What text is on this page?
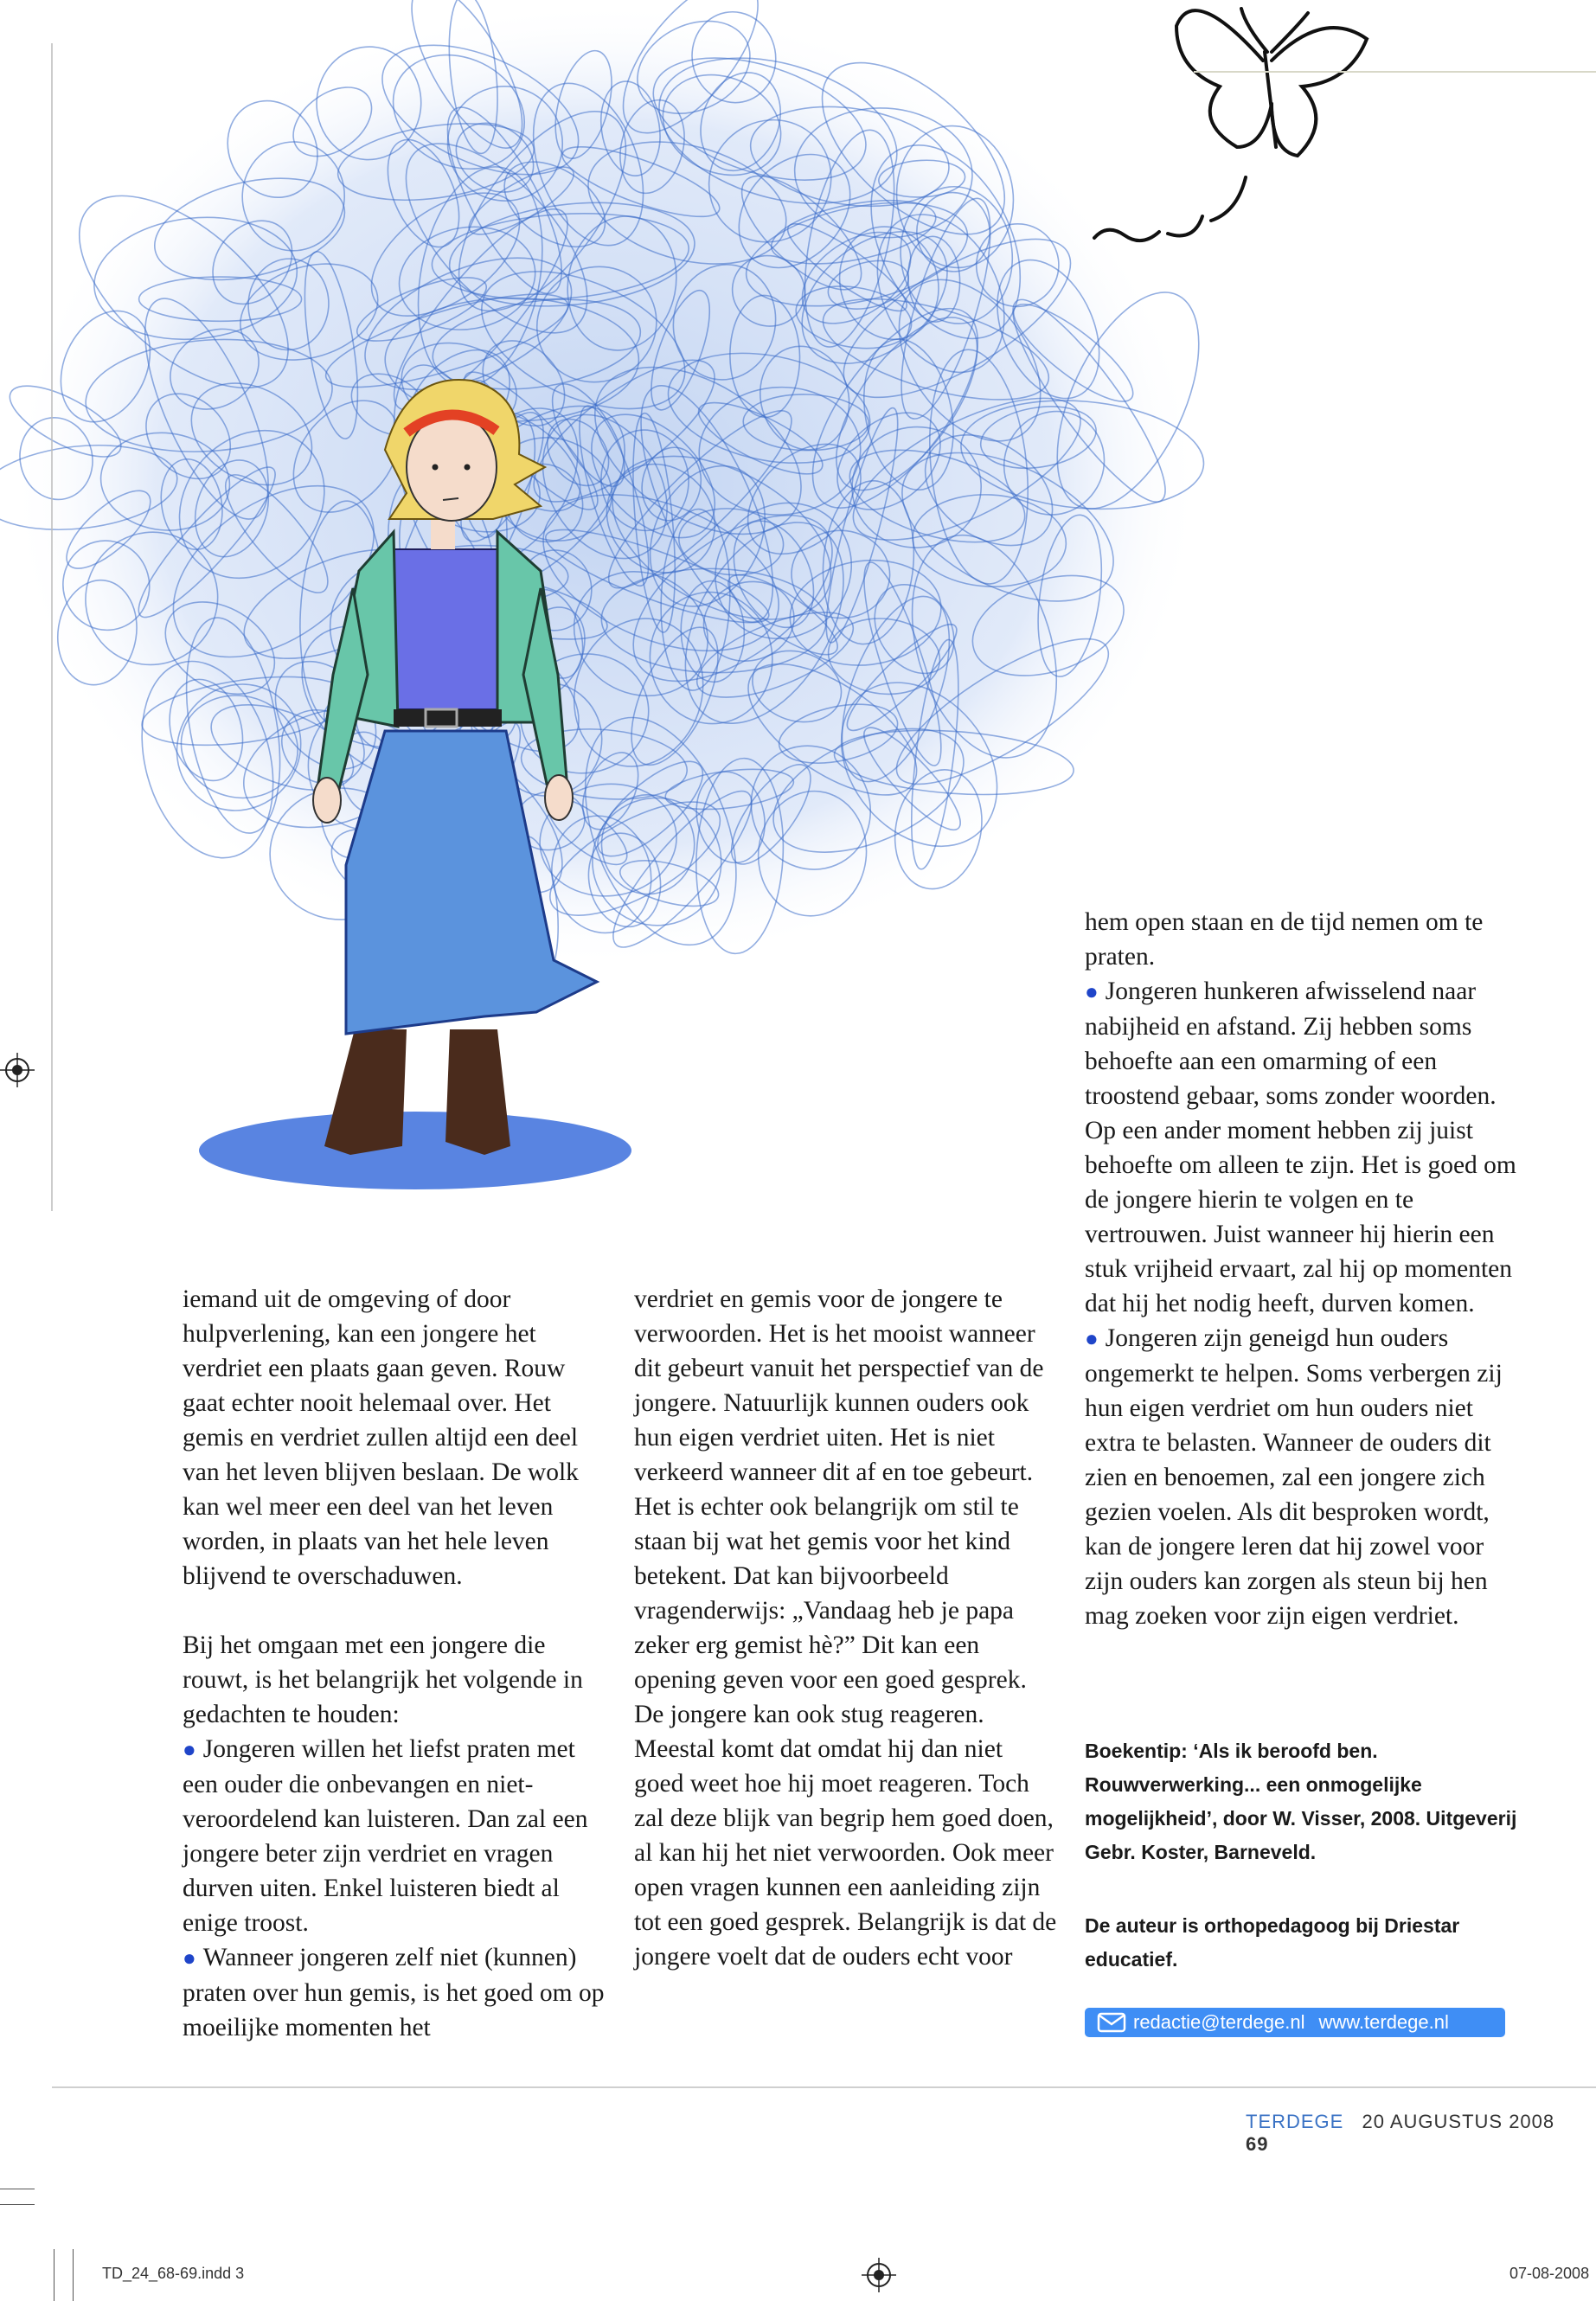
iemand uit de omgeving of door hulpverlening, kan een jongere het verdriet een plaats gaan geven. Rouw gaat echter nooit helemaal over. Het gemis en verdriet zullen altijd een deel van het leven blijven beslaan. De wolk kan wel meer een deel van het leven worden, in plaats van het hele leven blijvend te overschaduwen.

Bij het omgaan met een jongere die rouwt, is het belangrijk het volgende in gedachten te houden:

● Jongeren willen het liefst praten met een ouder die onbevangen en niet-veroordelend kan luisteren. Dan zal een jongere beter zijn verdriet en vragen durven uiten. Enkel luisteren biedt al enige troost.

● Wanneer jongeren zelf niet (kunnen) praten over hun gemis, is het goed om op moeilijke momenten het

verdriet en gemis voor de jongere te verwoorden. Het is het mooist wanneer dit gebeurt vanuit het perspectief van de jongere. Natuurlijk kunnen ouders ook hun eigen verdriet uiten. Het is niet verkeerd wanneer dit af en toe gebeurt. Het is echter ook belangrijk om stil te staan bij wat het gemis voor het kind betekent. Dat kan bijvoorbeeld vragenderwijs: „Vandaag heb je papa zeker erg gemist hè?” Dit kan een opening geven voor een goed gesprek.

De jongere kan ook stug reageren. Meestal komt dat omdat hij dan niet goed weet hoe hij moet reageren. Toch zal deze blijk van begrip hem goed doen, al kan hij het niet verwoorden. Ook meer open vragen kunnen een aanleiding zijn tot een goed gesprek. Belangrijk is dat de jongere voelt dat de ouders echt voor

hem open staan en de tijd nemen om te praten.

● Jongeren hunkeren afwisselend naar nabijheid en afstand. Zij hebben soms behoefte aan een omarming of een troostend gebaar, soms zonder woorden. Op een ander moment hebben zij juist behoefte om alleen te zijn. Het is goed om de jongere hierin te volgen en te vertrouwen. Juist wanneer hij hierin een stuk vrijheid ervaart, zal hij op momenten dat hij het nodig heeft, durven komen.

● Jongeren zijn geneigd hun ouders ongemerkt te helpen. Soms verbergen zij hun eigen verdriet om hun ouders niet extra te belasten. Wanneer de ouders dit zien en benoemen, zal een jongere zich gezien voelen. Als dit besproken wordt, kan de jongere leren dat hij zowel voor zijn ouders kan zorgen als steun bij hen mag zoeken voor zijn eigen verdriet.

Boekentip: ‘Als ik beroofd ben. Rouwverwerking... een onmogelijke mogelijkheid’, door W. Visser, 2008. Uitgeverij Gebr. Koster, Barneveld.
De auteur is orthopedagoog bij Driestar educatief.
redactie@terdege.nl www.terdege.nl
TERDEGE 20 AUGUSTUS 2008 69
TD_24_68-69.indd 3	07-08-2008
